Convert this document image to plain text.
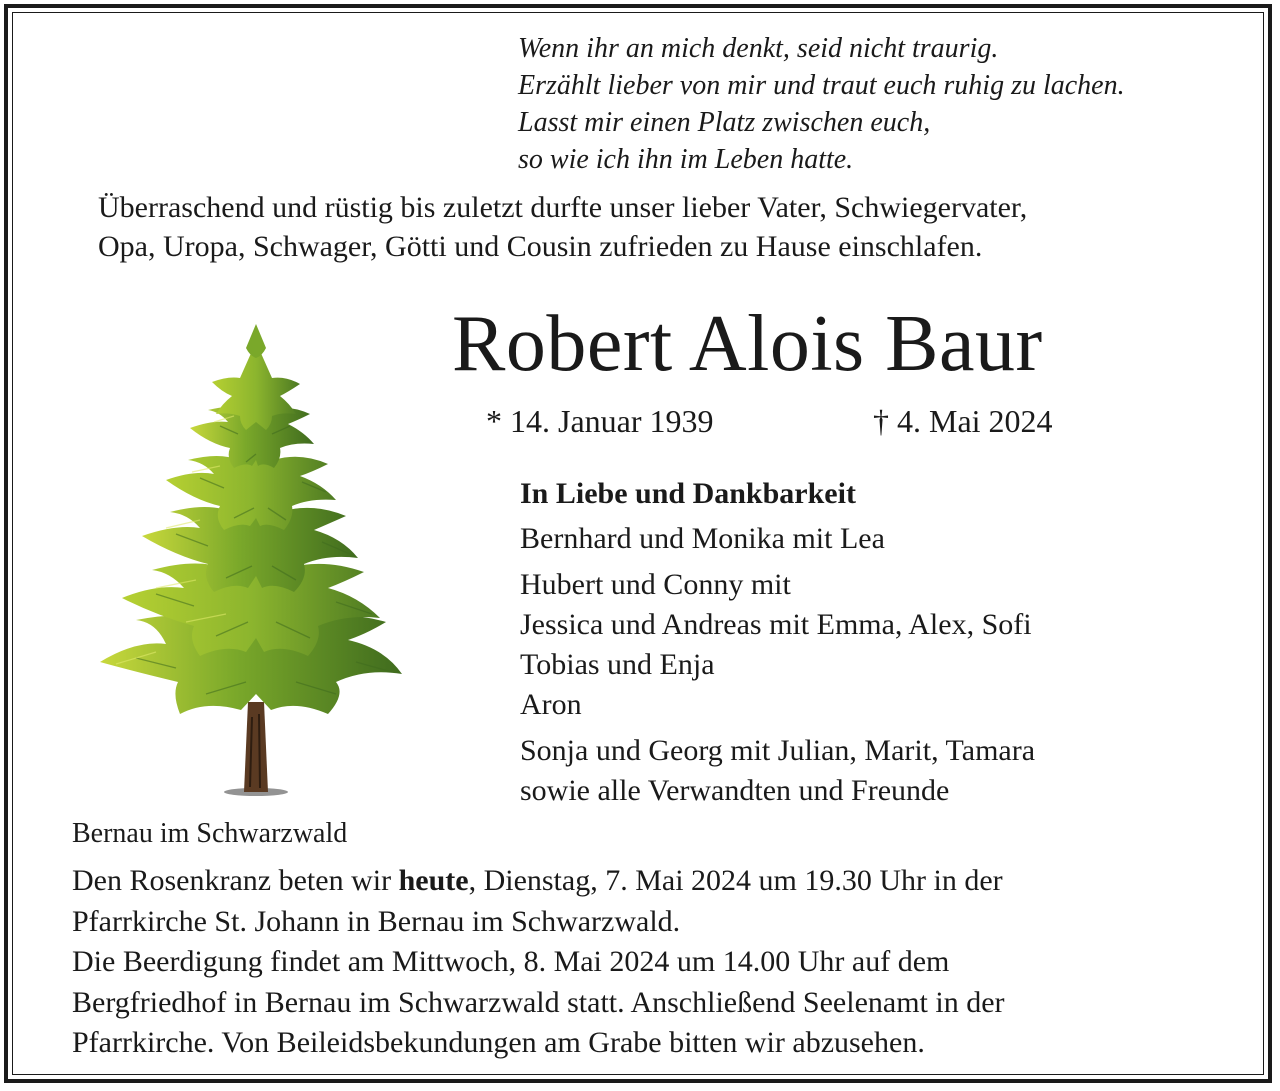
Wenn ihr an mich denkt, seid nicht traurig.
Erzählt lieber von mir und traut euch ruhig zu lachen.
Lasst mir einen Platz zwischen euch,
so wie ich ihn im Leben hatte.
Überraschend und rüstig bis zuletzt durfte unser lieber Vater, Schwiegervater,
Opa, Uropa, Schwager, Götti und Cousin zufrieden zu Hause einschlafen.
Robert Alois Baur
* 14. Januar 1939	† 4. Mai 2024
In Liebe und Dankbarkeit
Bernhard und Monika mit Lea
Hubert und Conny mit
Jessica und Andreas mit Emma, Alex, Sofi
Tobias und Enja
Aron
Sonja und Georg mit Julian, Marit, Tamara
sowie alle Verwandten und Freunde
Bernau im Schwarzwald
Den Rosenkranz beten wir heute, Dienstag, 7. Mai 2024 um 19.30 Uhr in der
Pfarrkirche St. Johann in Bernau im Schwarzwald.
Die Beerdigung findet am Mittwoch, 8. Mai 2024 um 14.00 Uhr auf dem
Bergfriedhof in Bernau im Schwarzwald statt. Anschließend Seelenamt in der
Pfarrkirche. Von Beileidsbekundungen am Grabe bitten wir abzusehen.
